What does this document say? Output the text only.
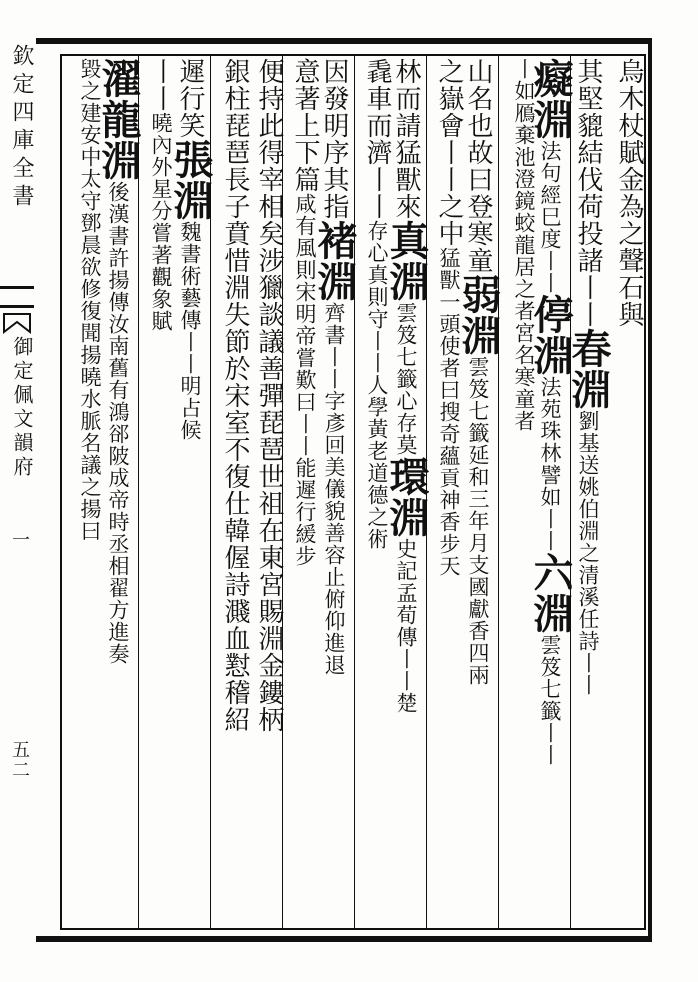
欽定四庫全書
御定佩文韻府
一
五二
烏木杖賦金為之聲石與
其堅貔結伐荷投諸丨丨春淵劉基送姚伯淵之清溪任詩丨丨
癡淵法句經巳度丨丨停淵法苑珠林譬如丨丨六淵雲笈七籤丨丨
丨如鴈棄池澄鏡蛟龍居之者宮名寒童者
山名也故曰登寒童弱淵雲笈七籤延和三年月支國獻香四兩
之嶽會丨丨之中猛獸一頭使者曰搜奇蘊貢神香步天
林而請猛獸來真淵雲笈七籤心存莫環淵史記孟荀傳丨丨楚
毳車而濟丨丨存心真則守丨丨人學黃老道德之術
因發明序其指褚淵齊書丨丨字彥回美儀貌善容止俯仰進退
意著上下篇咸有風則宋明帝嘗歎曰丨丨能遲行緩步
便持此得宰相矣涉獵談議善彈琵琶世祖在東宮賜淵金鏤柄
銀柱琵琶長子賁惜淵失節於宋室不復仕韓偓詩濺血懟稽紹
遲行笑張淵魏書術藝傳丨丨明占候
丨丨曉內外星分嘗著觀象賦
濯龍淵後漢書許揚傳汝南舊有鴻郤陂成帝時丞相翟方進奏
毀之建安中太守鄧晨欲修復聞揚曉水脈名議之揚曰
